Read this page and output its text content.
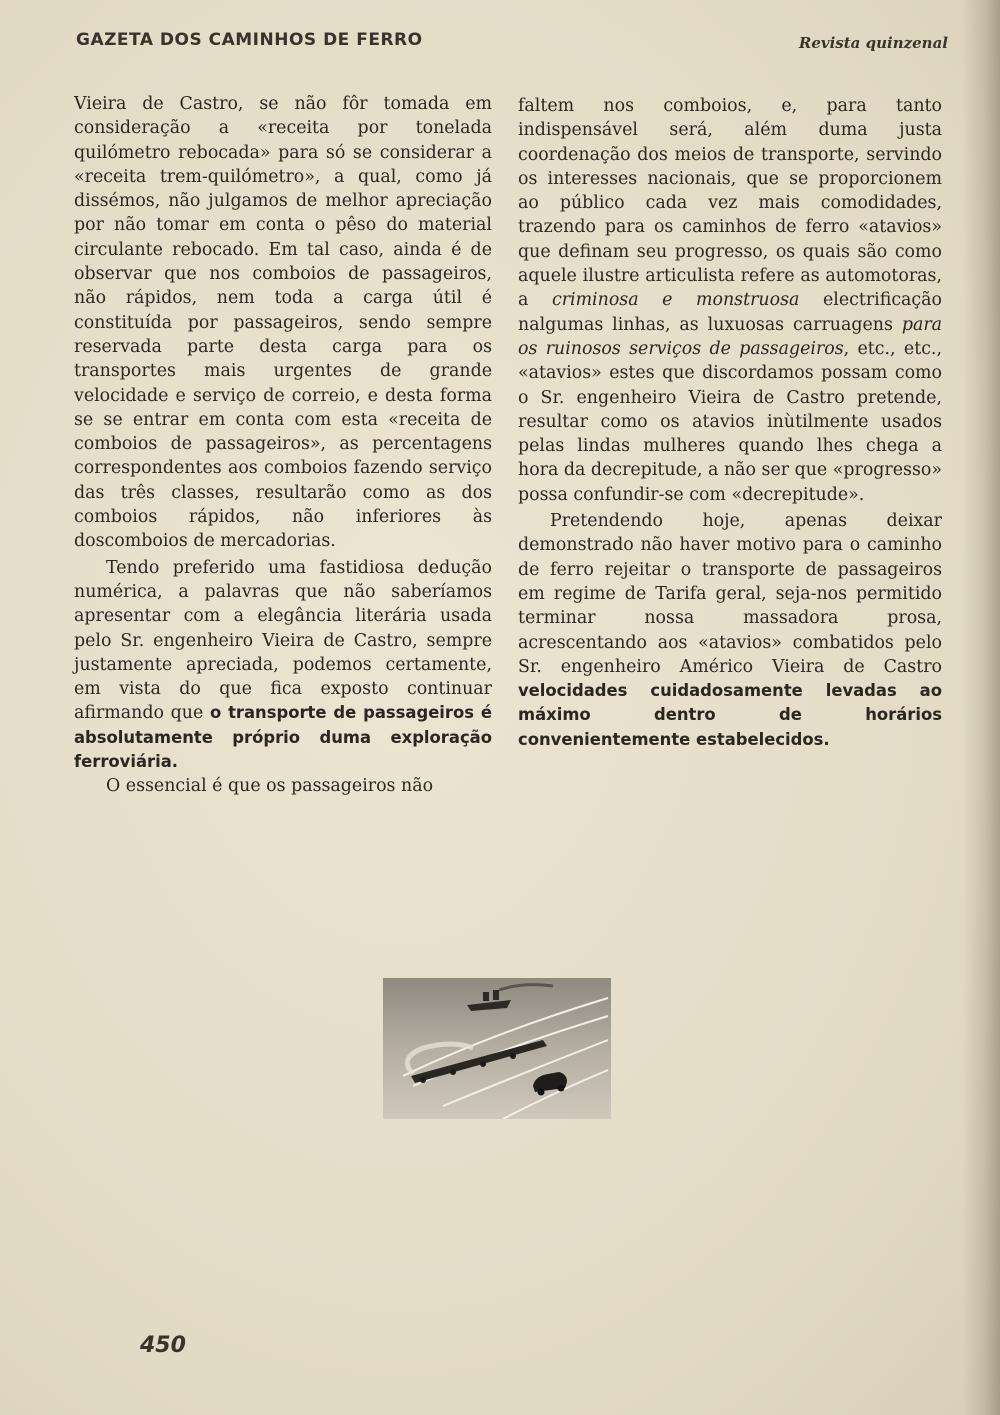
GAZETA DOS CAMINHOS DE FERRO	Revista quinzenal

Vieira de Castro, se não fôr tomada em consideração a «receita por tonelada quilómetro rebocada» para só se considerar a «receita trem-quilómetro», a qual, como já dissémos, não julgamos de melhor apreciação por não tomar em conta o pêso do material circulante rebocado. Em tal caso, ainda é de observar que nos comboios de passageiros, não rápidos, nem toda a carga útil é constituída por passageiros, sendo sempre reservada parte desta carga para os transportes mais urgentes de grande velocidade e serviço de correio, e desta forma se se entrar em conta com esta «receita de comboios de passageiros», as percentagens correspondentes aos comboios fazendo serviço das três classes, resultarão como as dos comboios rápidos, não inferiores às doscomboios de mercadorias.

Tendo preferido uma fastidiosa dedução numérica, a palavras que não saberíamos apresentar com a elegância literária usada pelo Sr. engenheiro Vieira de Castro, sempre justamente apreciada, podemos certamente, em vista do que fica exposto continuar afirmando que o transporte de passageiros é absolutamente próprio duma exploração ferroviária.

O essencial é que os passageiros não

faltem nos comboios, e, para tanto indispensável será, além duma justa coordenação dos meios de transporte, servindo os interesses nacionais, que se proporcionem ao público cada vez mais comodidades, trazendo para os caminhos de ferro «atavios» que definam seu progresso, os quais são como aquele ilustre articulista refere as automotoras, a criminosa e monstruosa electrificação nalgumas linhas, as luxuosas carruagens para os ruinosos serviços de passageiros, etc., etc., «atavios» estes que discordamos possam como o Sr. engenheiro Vieira de Castro pretende, resultar como os atavios inùtilmente usados pelas lindas mulheres quando lhes chega a hora da decrepitude, a não ser que «progresso» possa confundir-se com «decrepitude».

Pretendendo hoje, apenas deixar demonstrado não haver motivo para o caminho de ferro rejeitar o transporte de passageiros em regime de Tarifa geral, seja-nos permitido terminar nossa massadora prosa, acrescentando aos «atavios» combatidos pelo Sr. engenheiro Américo Vieira de Castro velocidades cuidadosamente levadas ao máximo dentro de horários convenientemente estabelecidos.

450
